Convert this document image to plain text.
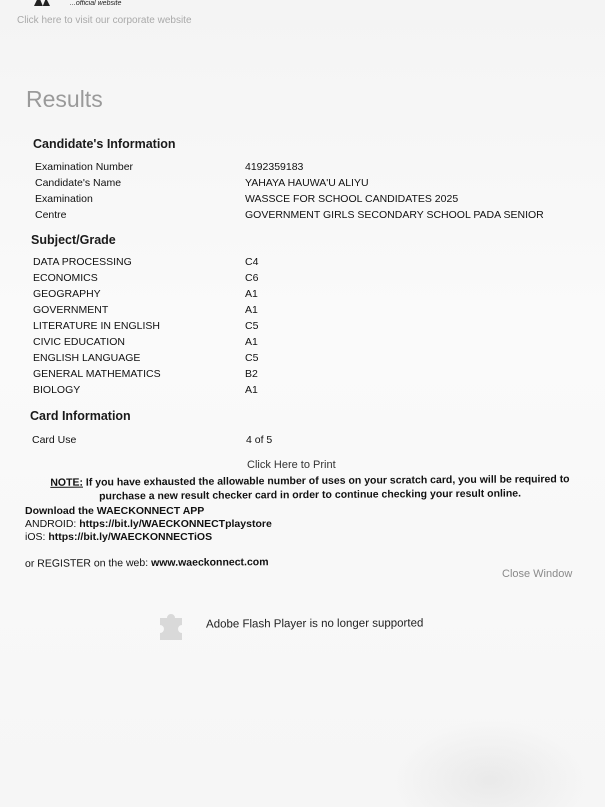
...official website
Click here to visit our corporate website
Results
Candidate's Information
Examination Number	4192359183
Candidate's Name	YAHAYA HAUWA'U ALIYU
Examination	WASSCE FOR SCHOOL CANDIDATES 2025
Centre	GOVERNMENT GIRLS SECONDARY SCHOOL PADA SENIOR
Subject/Grade
DATA PROCESSING	C4
ECONOMICS	C6
GEOGRAPHY	A1
GOVERNMENT	A1
LITERATURE IN ENGLISH	C5
CIVIC EDUCATION	A1
ENGLISH LANGUAGE	C5
GENERAL MATHEMATICS	B2
BIOLOGY	A1
Card Information
Card Use	4 of 5
Click Here to Print
NOTE: If you have exhausted the allowable number of uses on your scratch card, you will be required to purchase a new result checker card in order to continue checking your result online.
Download the WAECKONNECT APP
ANDROID: https://bit.ly/WAECKONNECTplaystore
iOS: https://bit.ly/WAECKONNECTiOS
or REGISTER on the web: www.waeckonnect.com
Close Window
Adobe Flash Player is no longer supported
